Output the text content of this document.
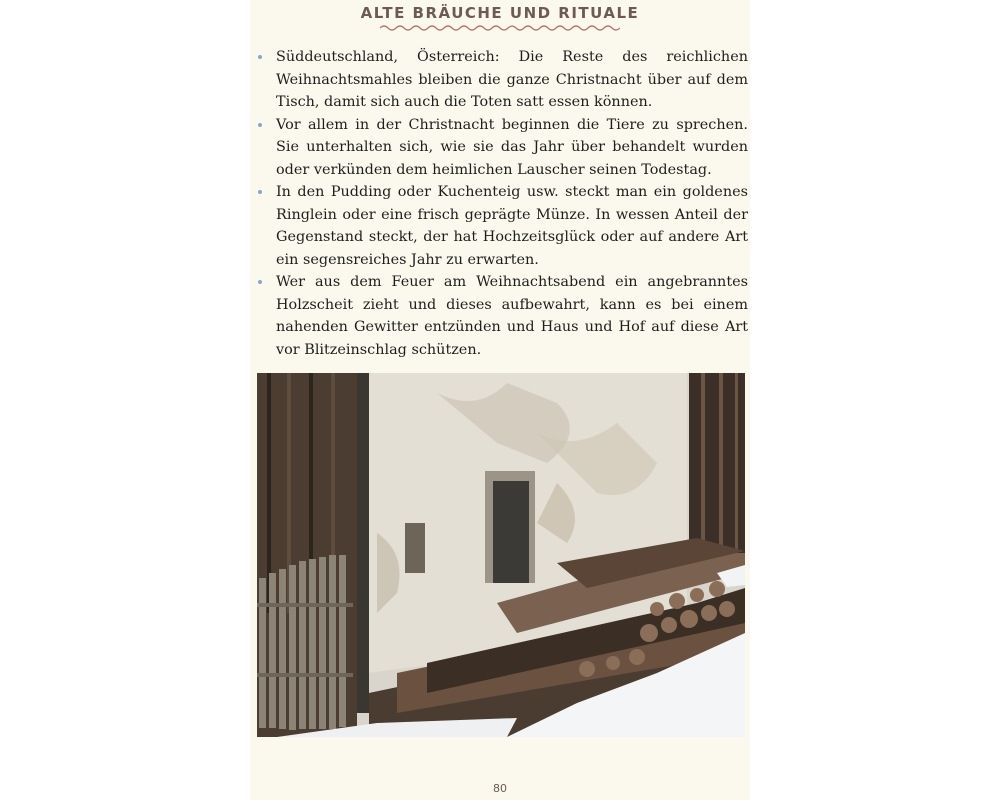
ALTE BRÄUCHE UND RITUALE
Süddeutschland, Österreich: Die Reste des reichlichen Weihnachtsmahles bleiben die ganze Christnacht über auf dem Tisch, damit sich auch die Toten satt essen können.
Vor allem in der Christnacht beginnen die Tiere zu sprechen. Sie unterhalten sich, wie sie das Jahr über behandelt wurden oder verkünden dem heimlichen Lauscher seinen Todestag.
In den Pudding oder Kuchenteig usw. steckt man ein goldenes Ringlein oder eine frisch geprägte Münze. In wessen Anteil der Gegenstand steckt, der hat Hochzeitsglück oder auf andere Art ein segensreiches Jahr zu erwarten.
Wer aus dem Feuer am Weihnachtsabend ein angebranntes Holzscheit zieht und dieses aufbewahrt, kann es bei einem nahenden Gewitter entzünden und Haus und Hof auf diese Art vor Blitzeinschlag schützen.
80
